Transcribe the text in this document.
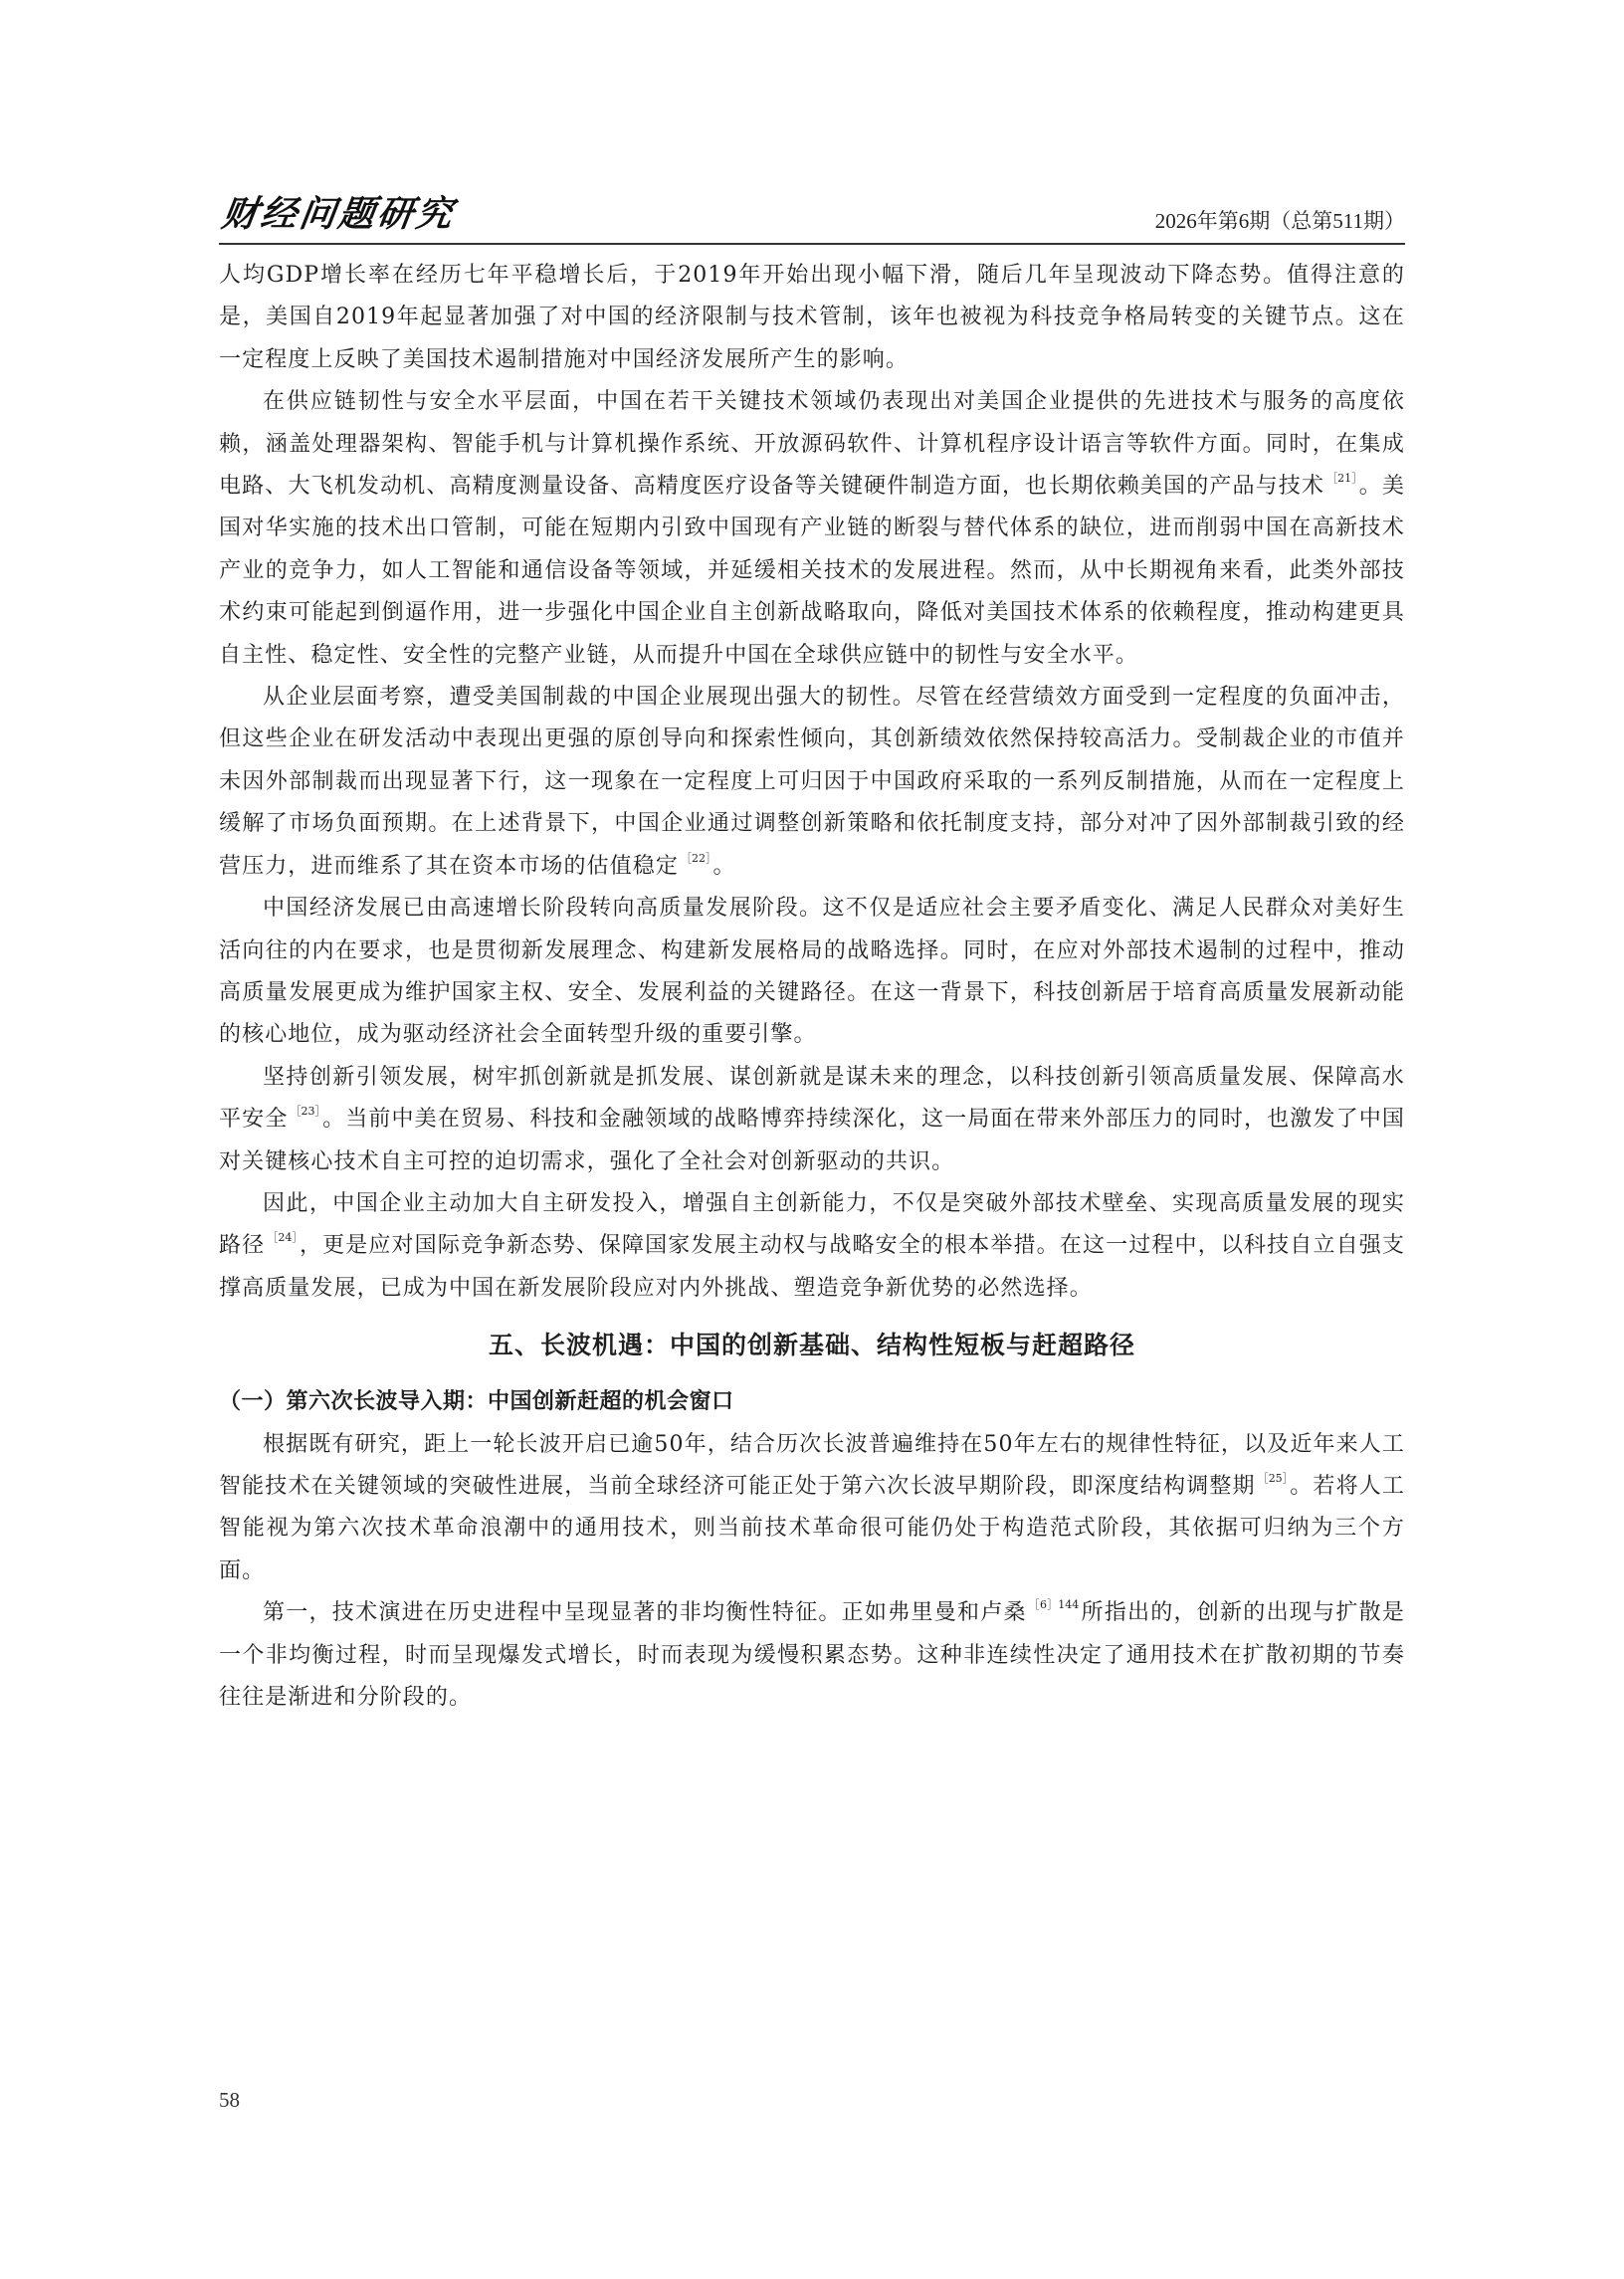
财经问题研究	2026年第6期（总第511期）

人均GDP增长率在经历七年平稳增长后，于2019年开始出现小幅下滑，随后几年呈现波动下降态势。值得注意的是，美国自2019年起显著加强了对中国的经济限制与技术管制，该年也被视为科技竞争格局转变的关键节点。这在一定程度上反映了美国技术遏制措施对中国经济发展所产生的影响。

在供应链韧性与安全水平层面，中国在若干关键技术领域仍表现出对美国企业提供的先进技术与服务的高度依赖，涵盖处理器架构、智能手机与计算机操作系统、开放源码软件、计算机程序设计语言等软件方面。同时，在集成电路、大飞机发动机、高精度测量设备、高精度医疗设备等关键硬件制造方面，也长期依赖美国的产品与技术 $^{[21]}$。美国对华实施的技术出口管制，可能在短期内引致中国现有产业链的断裂与替代体系的缺位，进而削弱中国在高新技术产业的竞争力，如人工智能和通信设备等领域，并延缓相关技术的发展进程。然而，从中长期视角来看，此类外部技术约束可能起到倒逼作用，进一步强化中国企业自主创新战略取向，降低对美国技术体系的依赖程度，推动构建更具自主性、稳定性、安全性的完整产业链，从而提升中国在全球供应链中的韧性与安全水平。

从企业层面考察，遭受美国制裁的中国企业展现出强大的韧性。尽管在经营绩效方面受到一定程度的负面冲击，但这些企业在研发活动中表现出更强的原创导向和探索性倾向，其创新绩效依然保持较高活力。受制裁企业的市值并未因外部制裁而出现显著下行，这一现象在一定程度上可归因于中国政府采取的一系列反制措施，从而在一定程度上缓解了市场负面预期。在上述背景下，中国企业通过调整创新策略和依托制度支持，部分对冲了因外部制裁引致的经营压力，进而维系了其在资本市场的估值稳定 $^{[22]}$。

中国经济发展已由高速增长阶段转向高质量发展阶段。这不仅是适应社会主要矛盾变化、满足人民群众对美好生活向往的内在要求，也是贯彻新发展理念、构建新发展格局的战略选择。同时，在应对外部技术遏制的过程中，推动高质量发展更成为维护国家主权、安全、发展利益的关键路径。在这一背景下，科技创新居于培育高质量发展新动能的核心地位，成为驱动经济社会全面转型升级的重要引擎。

坚持创新引领发展，树牢抓创新就是抓发展、谋创新就是谋未来的理念，以科技创新引领高质量发展、保障高水平安全 $^{[23]}$。当前中美在贸易、科技和金融领域的战略博弈持续深化，这一局面在带来外部压力的同时，也激发了中国对关键核心技术自主可控的迫切需求，强化了全社会对创新驱动的共识。

因此，中国企业主动加大自主研发投入，增强自主创新能力，不仅是突破外部技术壁垒、实现高质量发展的现实路径 $^{[24]}$，更是应对国际竞争新态势、保障国家发展主动权与战略安全的根本举措。在这一过程中，以科技自立自强支撑高质量发展，已成为中国在新发展阶段应对内外挑战、塑造竞争新优势的必然选择。

五、长波机遇：中国的创新基础、结构性短板与赶超路径
（一）第六次长波导入期：中国创新赶超的机会窗口

根据既有研究，距上一轮长波开启已逾50年，结合历次长波普遍维持在50年左右的规律性特征，以及近年来人工智能技术在关键领域的突破性进展，当前全球经济可能正处于第六次长波早期阶段，即深度结构调整期 $^{[25]}$。若将人工智能视为第六次技术革命浪潮中的通用技术，则当前技术革命很可能仍处于构造范式阶段，其依据可归纳为三个方面。

第一，技术演进在历史进程中呈现显著的非均衡性特征。正如弗里曼和卢桑 $^{[6]144}$所指出的，创新的出现与扩散是一个非均衡过程，时而呈现爆发式增长，时而表现为缓慢积累态势。这种非连续性决定了通用技术在扩散初期的节奏往往是渐进和分阶段的。

58
